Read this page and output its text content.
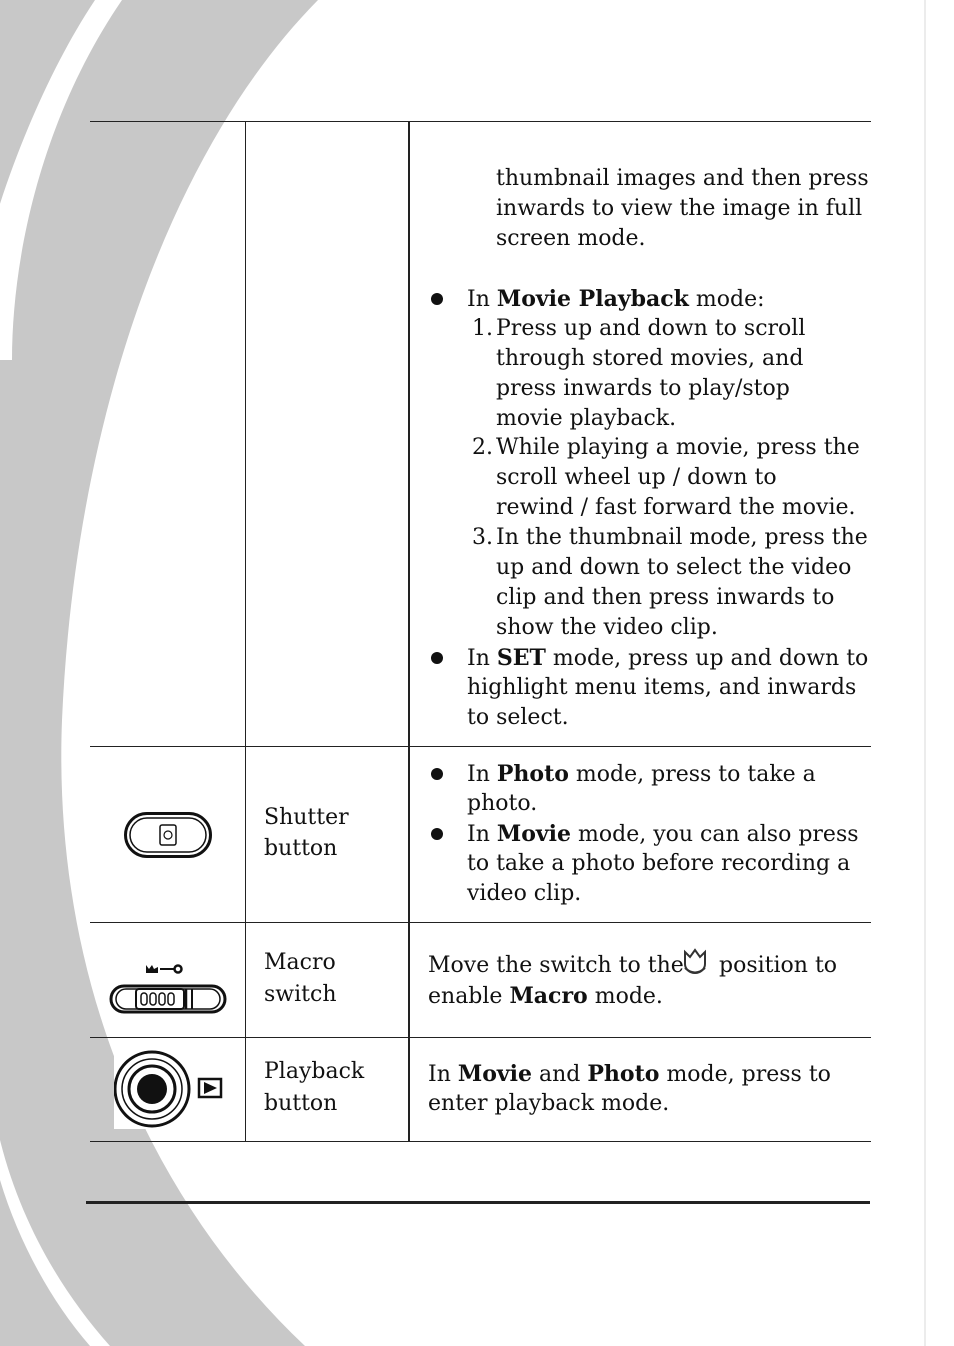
thumbnail images and then press
inwards to view the image in full
screen mode.
In Movie Playback mode:
1. Press up and down to scroll
through stored movies, and
press inwards to play/stop
movie playback.
2. While playing a movie, press the
scroll wheel up / down to
rewind / fast forward the movie.
3. In the thumbnail mode, press the
up and down to select the video
clip and then press inwards to
show the video clip.
In SET mode, press up and down to
highlight menu items, and inwards
to select.
Shutter
button
In Photo mode, press to take a
photo.
In Movie mode, you can also press
to take a photo before recording a
video clip.
Macro
switch
Move the switch to the position to
enable Macro mode.
Playback
button
In Movie and Photo mode, press to
enter playback mode.
